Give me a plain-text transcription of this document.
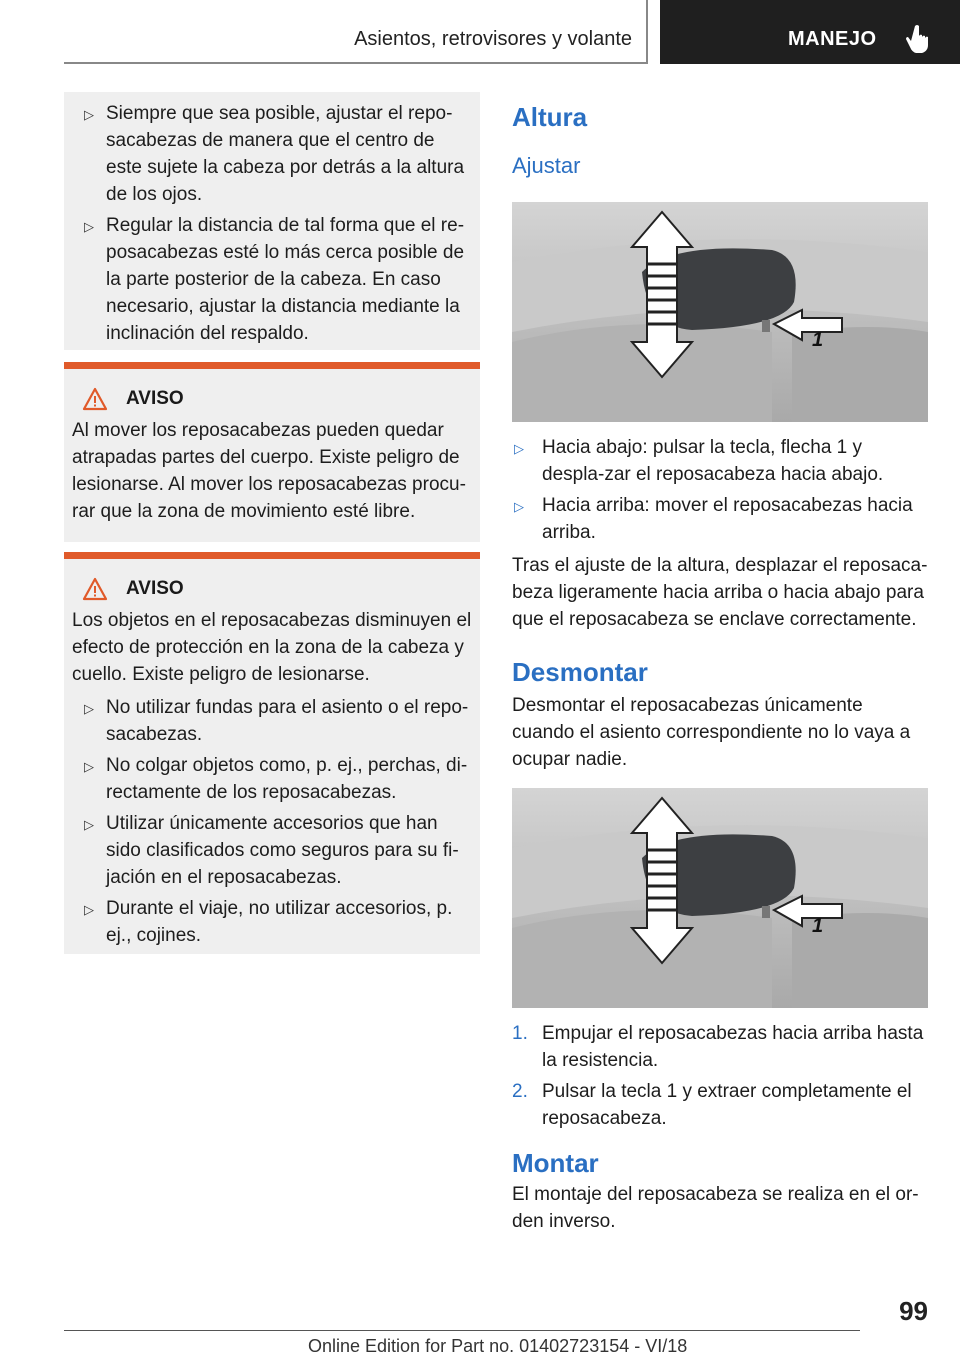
Asientos, retrovisores y volante	MANEJO
▷ Siempre que sea posible, ajustar el repo-sacabezas de manera que el centro de este sujete la cabeza por detrás a la altura de los ojos.
▷ Regular la distancia de tal forma que el re-posacabezas esté lo más cerca posible de la parte posterior de la cabeza. En caso necesario, ajustar la distancia mediante la inclinación del respaldo.
AVISO
Al mover los reposacabezas pueden quedar atrapadas partes del cuerpo. Existe peligro de lesionarse. Al mover los reposacabezas procu-rar que la zona de movimiento esté libre.
AVISO
Los objetos en el reposacabezas disminuyen el efecto de protección en la zona de la cabeza y cuello. Existe peligro de lesionarse.
▷ No utilizar fundas para el asiento o el repo-sacabezas.
▷ No colgar objetos como, p. ej., perchas, di-rectamente de los reposacabezas.
▷ Utilizar únicamente accesorios que han sido clasificados como seguros para su fi-jación en el reposacabezas.
▷ Durante el viaje, no utilizar accesorios, p. ej., cojines.
Altura
Ajustar
1
▷ Hacia abajo: pulsar la tecla, flecha 1 y despla-zar el reposacabeza hacia abajo.
▷ Hacia arriba: mover el reposacabezas hacia arriba.
Tras el ajuste de la altura, desplazar el reposaca-beza ligeramente hacia arriba o hacia abajo para que el reposacabeza se enclave correctamente.
Desmontar
Desmontar el reposacabezas únicamente cuando el asiento correspondiente no lo vaya a ocupar nadie.
1
1. Empujar el reposacabezas hacia arriba hasta la resistencia.
2. Pulsar la tecla 1 y extraer completamente el reposacabeza.
Montar
El montaje del reposacabeza se realiza en el or-den inverso.
99
Online Edition for Part no. 01402723154 - VI/18
